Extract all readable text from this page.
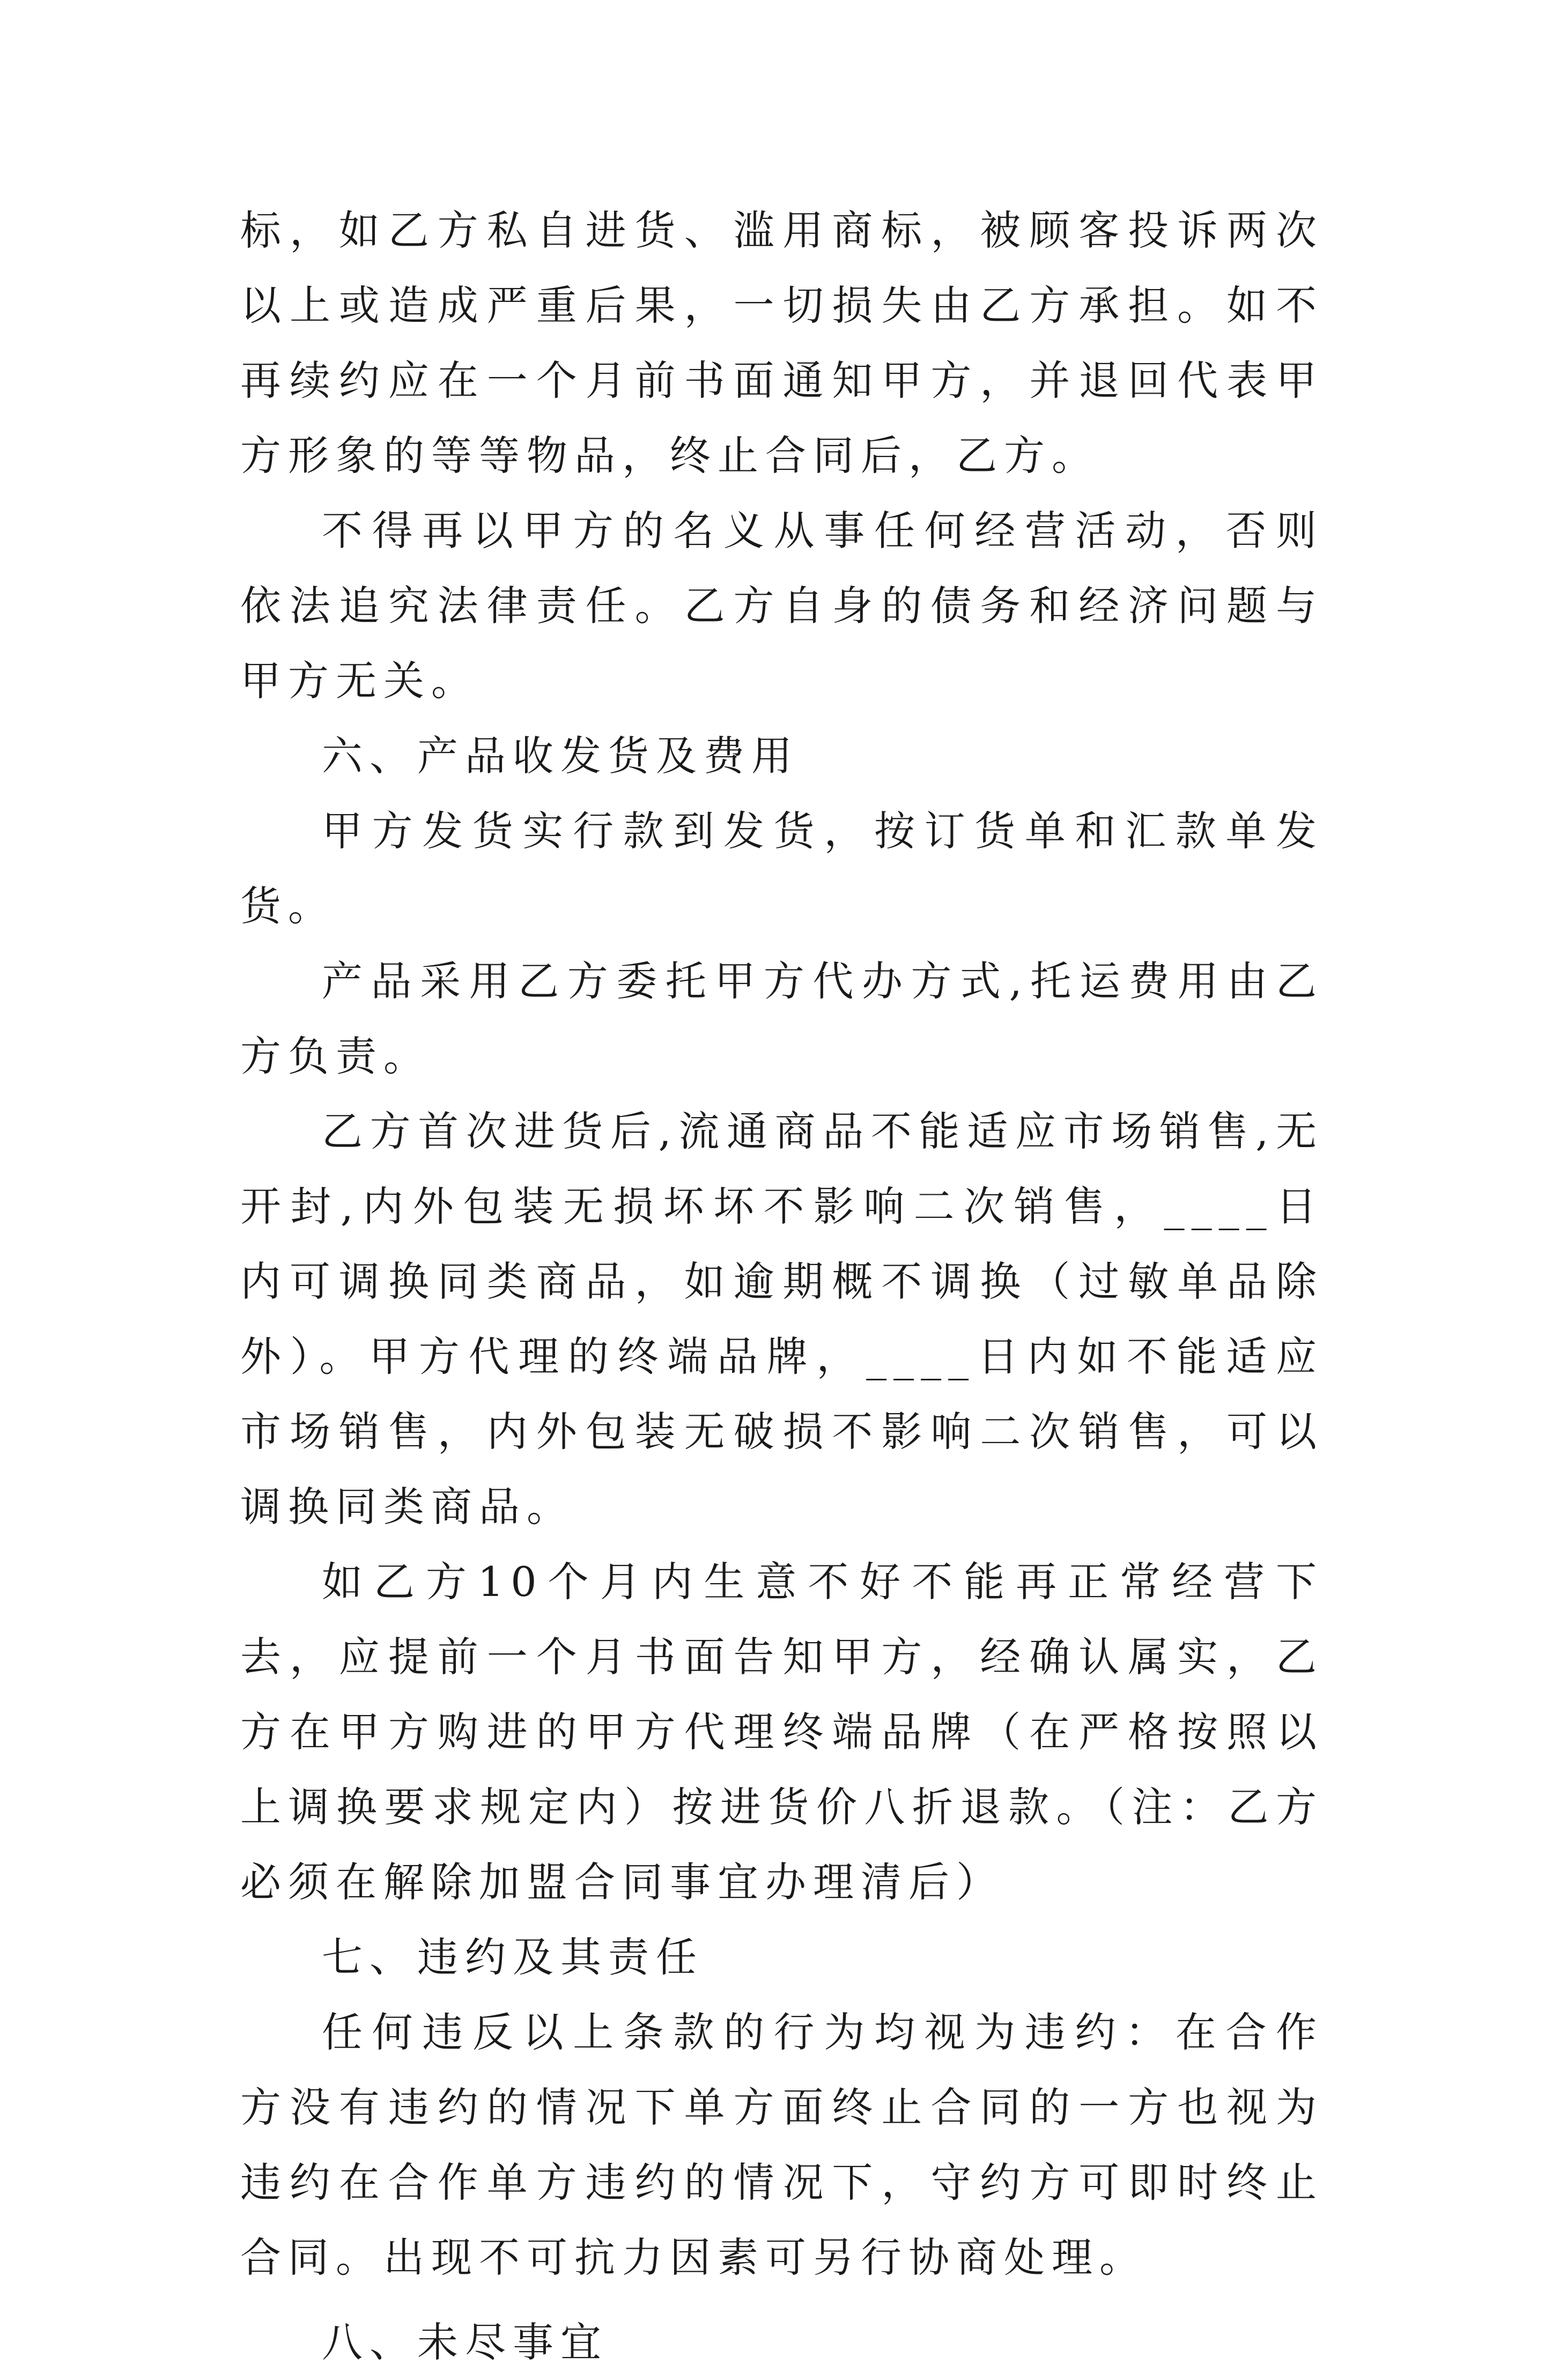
标，如乙方私自进货、滥用商标，被顾客投诉两次以上或造成严重后果，一切损失由乙方承担。如不再续约应在一个月前书面通知甲方，并退回代表甲方形象的等等物品，终止合同后，乙方。

不得再以甲方的名义从事任何经营活动，否则依法追究法律责任。乙方自身的债务和经济问题与甲方无关。

六、产品收发货及费用

甲方发货实行款到发货，按订货单和汇款单发货。

产品采用乙方委托甲方代办方式,托运费用由乙方负责。

乙方首次进货后,流通商品不能适应市场销售,无开封,内外包装无损坏坏不影响二次销售，____日内可调换同类商品，如逾期概不调换（过敏单品除外）。甲方代理的终端品牌，____日内如不能适应市场销售，内外包装无破损不影响二次销售，可以调换同类商品。

如乙方10个月内生意不好不能再正常经营下去，应提前一个月书面告知甲方，经确认属实，乙方在甲方购进的甲方代理终端品牌（在严格按照以上调换要求规定内）按进货价八折退款。（注：乙方必须在解除加盟合同事宜办理清后）

七、违约及其责任

任何违反以上条款的行为均视为违约：在合作方没有违约的情况下单方面终止合同的一方也视为违约在合作单方违约的情况下，守约方可即时终止合同。出现不可抗力因素可另行协商处理。

八、未尽事宜
